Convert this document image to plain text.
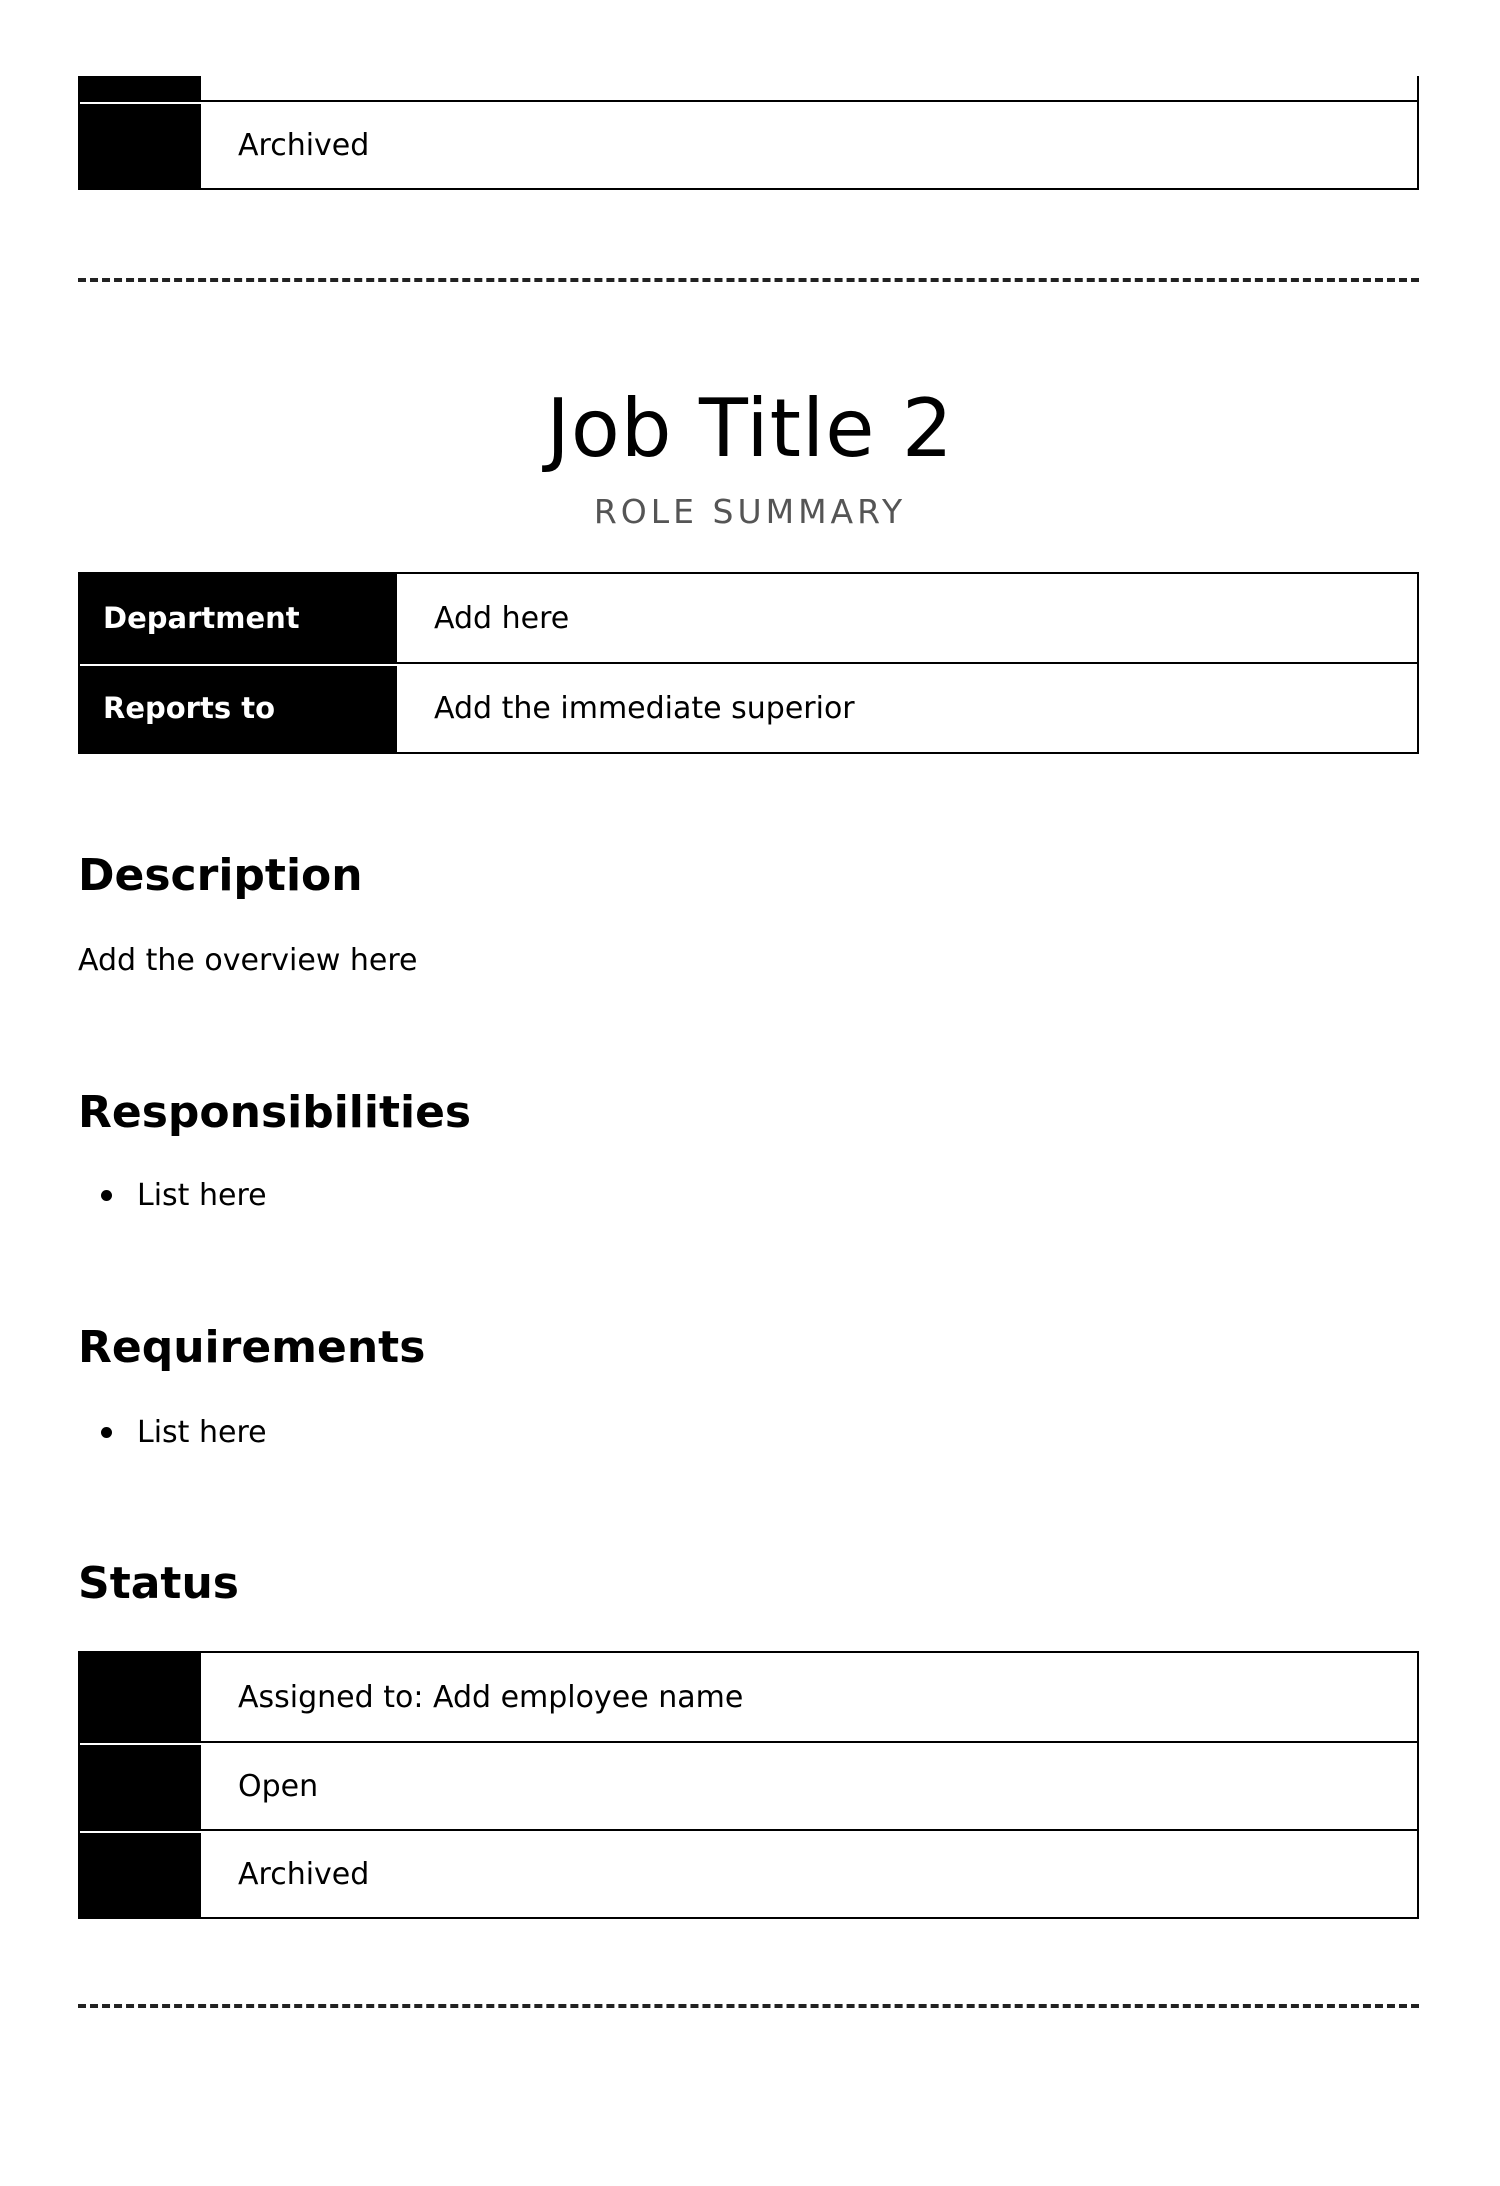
Archived
Job Title 2
ROLE SUMMARY
Department	Add here
Reports to	Add the immediate superior
Description

Add the overview here

Responsibilities
List here
Requirements
List here
Status
Assigned to: Add employee name
Open
Archived
